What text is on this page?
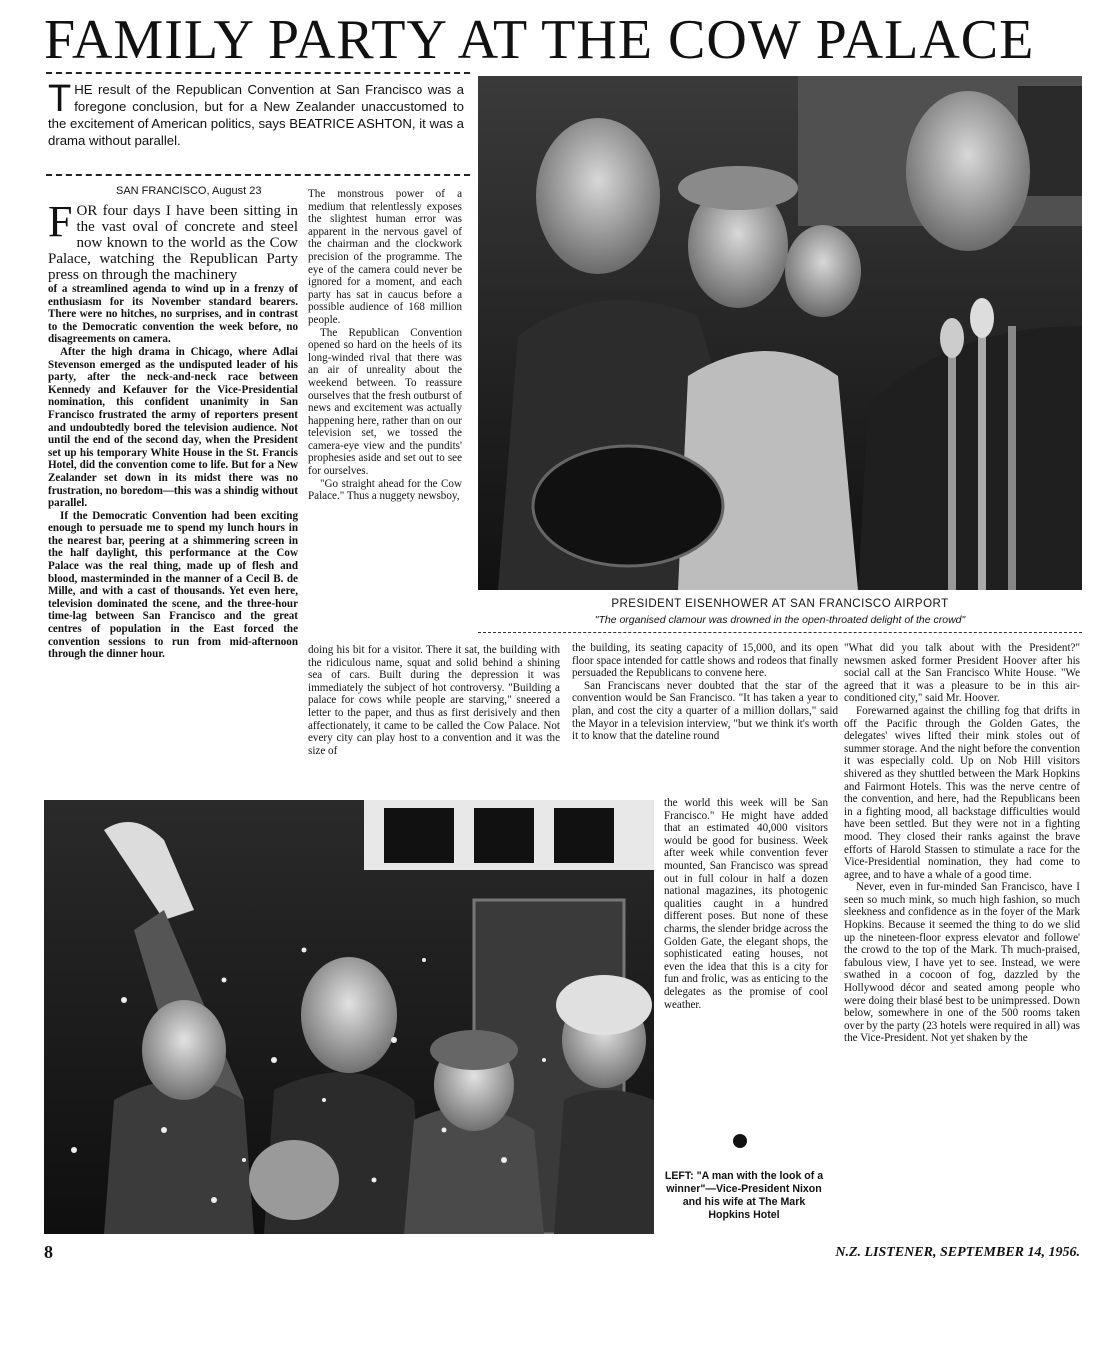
FAMILY PARTY AT THE COW PALACE
THE result of the Republican Convention at San Francisco was a foregone conclusion, but for a New Zealander unaccustomed to the excitement of American politics, says BEATRICE ASHTON, it was a drama without parallel.
SAN FRANCISCO, August 23
FOR four days I have been sitting in the vast oval of concrete and steel now known to the world as the Cow Palace, watching the Republican Party press on through the machinery

of a streamlined agenda to wind up in a frenzy of enthusiasm for its November standard bearers. There were no hitches, no surprises, and in contrast to the Democratic convention the week before, no disagreements on camera.

After the high drama in Chicago, where Adlai Stevenson emerged as the undisputed leader of his party, after the neck-and-neck race between Kennedy and Kefauver for the Vice-Presidential nomination, this confident unanimity in San Francisco frustrated the army of reporters present and undoubtedly bored the television audience. Not until the end of the second day, when the President set up his temporary White House in the St. Francis Hotel, did the convention come to life. But for a New Zealander set down in its midst there was no frustration, no boredom—this was a shindig without parallel.

If the Democratic Convention had been exciting enough to persuade me to spend my lunch hours in the nearest bar, peering at a shimmering screen in the half daylight, this performance at the Cow Palace was the real thing, made up of flesh and blood, masterminded in the manner of a Cecil B. de Mille, and with a cast of thousands. Yet even here, television dominated the scene, and the three-hour time-lag between San Francisco and the great centres of population in the East forced the convention sessions to run from mid-afternoon through the dinner hour.

The monstrous power of a medium that relentlessly exposes the slightest human error was apparent in the nervous gavel of the chairman and the clockwork precision of the programme. The eye of the camera could never be ignored for a moment, and each party has sat in caucus before a possible audience of 168 million people.

The Republican Convention opened so hard on the heels of its long-winded rival that there was an air of unreality about the weekend between. To reassure ourselves that the fresh outburst of news and excitement was actually happening here, rather than on our television set, we tossed the camera-eye view and the pundits' prophesies aside and set out to see for ourselves.

"Go straight ahead for the Cow Palace." Thus a nuggety newsboy,

doing his bit for a visitor. There it sat, the building with the ridiculous name, squat and solid behind a shining sea of cars. Built during the depression it was immediately the subject of hot controversy. "Building a palace for cows while people are starving," sneered a letter to the paper, and thus as first derisively and then affectionately, it came to be called the Cow Palace. Not every city can play host to a convention and it was the size of

PRESIDENT EISENHOWER AT SAN FRANCISCO AIRPORT
"The organised clamour was drowned in the open-throated delight of the crowd"

the building, its seating capacity of 15,000, and its open floor space intended for cattle shows and rodeos that finally persuaded the Republicans to convene here.

San Franciscans never doubted that the star of the convention would be San Francisco. "It has taken a year to plan, and cost the city a quarter of a million dollars," said the Mayor in a television interview, "but we think it's worth it to know that the dateline round

the world this week will be San Francisco." He might have added that an estimated 40,000 visitors would be good for business. Week after week while convention fever mounted, San Francisco was spread out in full colour in half a dozen national magazines, its photogenic qualities caught in a hundred different poses. But none of these charms, the slender bridge across the Golden Gate, the elegant shops, the sophisticated eating houses, not even the idea that this is a city for fun and frolic, was as enticing to the delegates as the promise of cool weather.

LEFT: "A man with the look of a winner"—Vice-President Nixon and his wife at The Mark Hopkins Hotel

"What did you talk about with the President?" newsmen asked former President Hoover after his social call at the San Francisco White House. "We agreed that it was a pleasure to be in this air-conditioned city," said Mr. Hoover.

Forewarned against the chilling fog that drifts in off the Pacific through the Golden Gates, the delegates' wives lifted their mink stoles out of summer storage. And the night before the convention it was especially cold. Up on Nob Hill visitors shivered as they shuttled between the Mark Hopkins and Fairmont Hotels. This was the nerve centre of the convention, and here, had the Republicans been in a fighting mood, all backstage difficulties would have been settled. But they were not in a fighting mood. They closed their ranks against the brave efforts of Harold Stassen to stimulate a race for the Vice-Presidential nomination, they had come to agree, and to have a whale of a good time.

Never, even in fur-minded San Francisco, have I seen so much mink, so much high fashion, so much sleekness and confidence as in the foyer of the Mark Hopkins. Because it seemed the thing to do we slid up the nineteen-floor express elevator and followe' the crowd to the top of the Mark. Th much-praised, fabulous view, I have yet to see. Instead, we were swathed in a cocoon of fog, dazzled by the Hollywood décor and seated among people who were doing their blasé best to be unimpressed. Down below, somewhere in one of the 500 rooms taken over by the party (23 hotels were required in all) was the Vice-President. Not yet shaken by the

8	N.Z. LISTENER, SEPTEMBER 14, 1956.
